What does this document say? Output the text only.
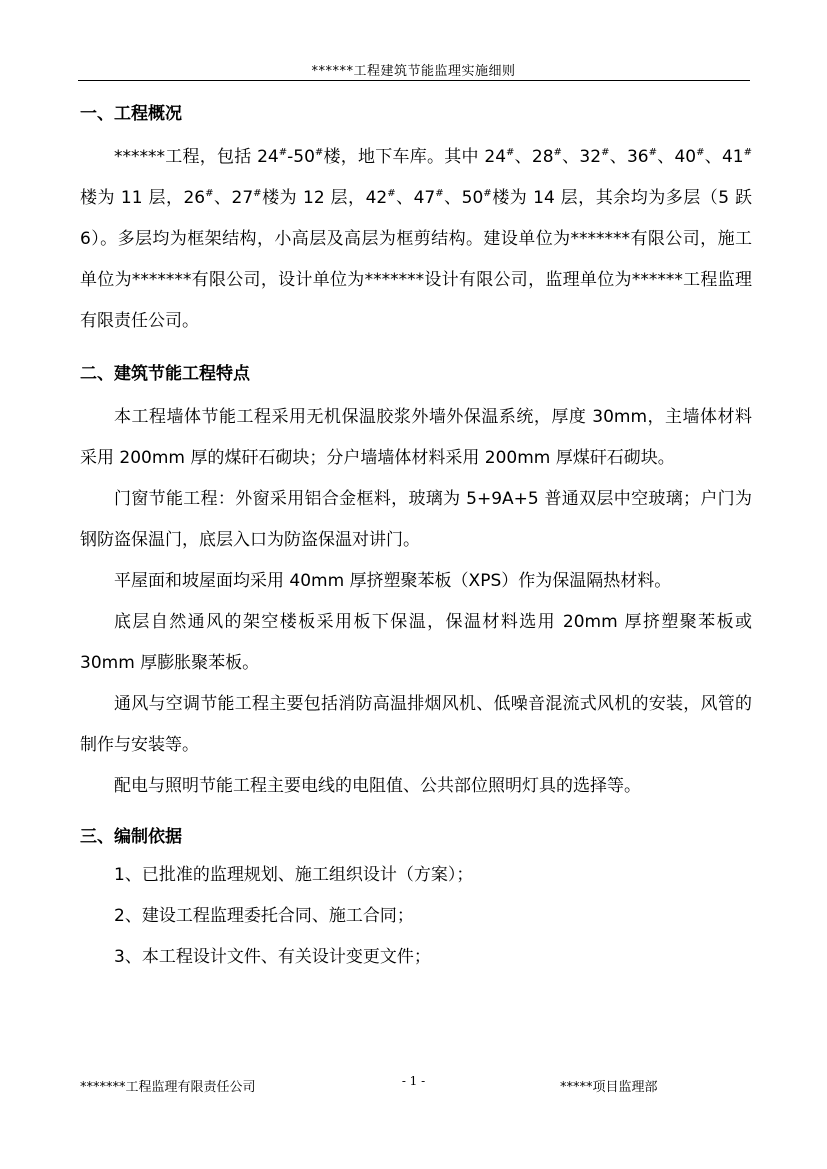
******工程建筑节能监理实施细则

一、工程概况

******工程，包括 24#-50#楼，地下车库。其中 24#、28#、32#、36#、40#、41#楼为 11 层，26#、27#楼为 12 层，42#、47#、50#楼为 14 层，其余均为多层（5 跃 6）。多层均为框架结构，小高层及高层为框剪结构。建设单位为*******有限公司，施工单位为*******有限公司，设计单位为*******设计有限公司，监理单位为******工程监理有限责任公司。

二、建筑节能工程特点

本工程墙体节能工程采用无机保温胶浆外墙外保温系统，厚度 30mm，主墙体材料采用 200mm 厚的煤矸石砌块；分户墙墙体材料采用 200mm 厚煤矸石砌块。

门窗节能工程：外窗采用铝合金框料，玻璃为 5+9A+5 普通双层中空玻璃；户门为钢防盗保温门，底层入口为防盗保温对讲门。

平屋面和坡屋面均采用 40mm 厚挤塑聚苯板（XPS）作为保温隔热材料。

底层自然通风的架空楼板采用板下保温，保温材料选用 20mm 厚挤塑聚苯板或 30mm 厚膨胀聚苯板。

通风与空调节能工程主要包括消防高温排烟风机、低噪音混流式风机的安装，风管的制作与安装等。

配电与照明节能工程主要电线的电阻值、公共部位照明灯具的选择等。

三、编制依据

1、已批准的监理规划、施工组织设计（方案）；

2、建设工程监理委托合同、施工合同；

3、本工程设计文件、有关设计变更文件；

*******工程监理有限责任公司	- 1 -	*****项目监理部
